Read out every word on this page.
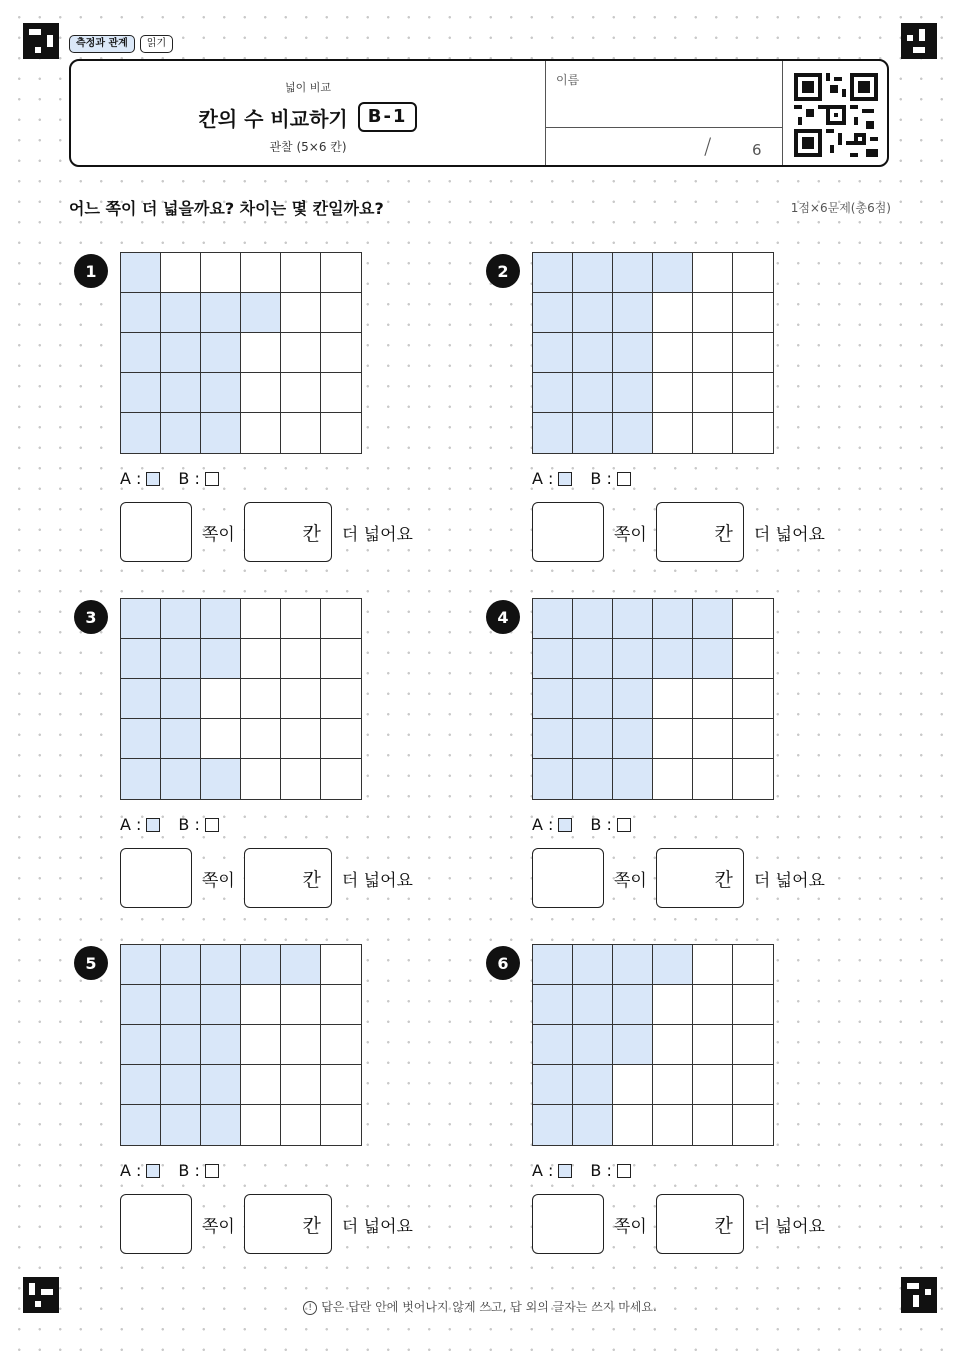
측정과 관계	읽기
넓이 비교
칸의 수 비교하기	B-1
관찰 (5×6 칸)
이름
/	6
어느 쪽이 더 넓을까요? 차이는 몇 칸일까요?	1점×6문제(총6점)
1
A : B :
쪽이	칸 더 넓어요
2
A : B :
쪽이	칸 더 넓어요
3
A : B :
쪽이	칸 더 넓어요
4
A : B :
쪽이	칸 더 넓어요
5
A : B :
쪽이	칸 더 넓어요
6
A : B :
쪽이	칸 더 넓어요
! 답은 답란 안에 벗어나지 않게 쓰고, 답 외의 글자는 쓰지 마세요.
